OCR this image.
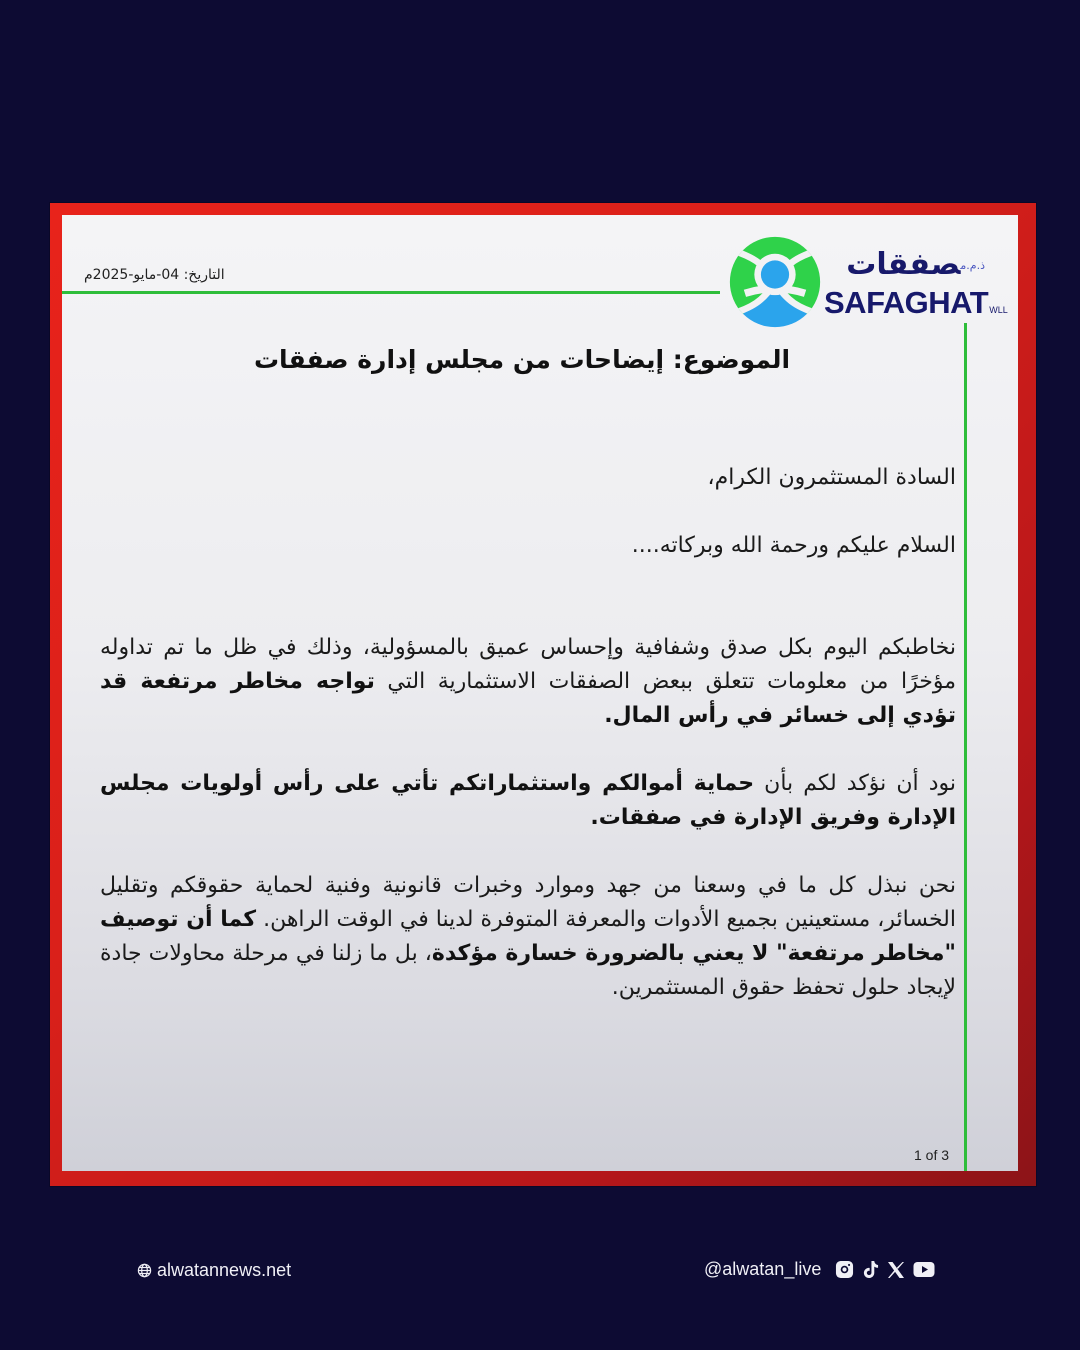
التاريخ: 04-مايو-2025م
ذ.م.مصفقات
SAFAGHATWLL
الموضوع: إيضاحات من مجلس إدارة صفقات

السادة المستثمرون الكرام،

السلام عليكم ورحمة الله وبركاته....

نخاطبكم اليوم بكل صدق وشفافية وإحساس عميق بالمسؤولية، وذلك في ظل ما تم تداوله مؤخرًا من معلومات تتعلق ببعض الصفقات الاستثمارية التي تواجه مخاطر مرتفعة قد تؤدي إلى خسائر في رأس المال.

نود أن نؤكد لكم بأن حماية أموالكم واستثماراتكم تأتي على رأس أولويات مجلس الإدارة وفريق الإدارة في صفقات.

نحن نبذل كل ما في وسعنا من جهد وموارد وخبرات قانونية وفنية لحماية حقوقكم وتقليل الخسائر، مستعينين بجميع الأدوات والمعرفة المتوفرة لدينا في الوقت الراهن. كما أن توصيف "مخاطر مرتفعة" لا يعني بالضرورة خسارة مؤكدة، بل ما زلنا في مرحلة محاولات جادة لإيجاد حلول تحفظ حقوق المستثمرين.

1 of 3
alwatannews.net	@alwatan_live
